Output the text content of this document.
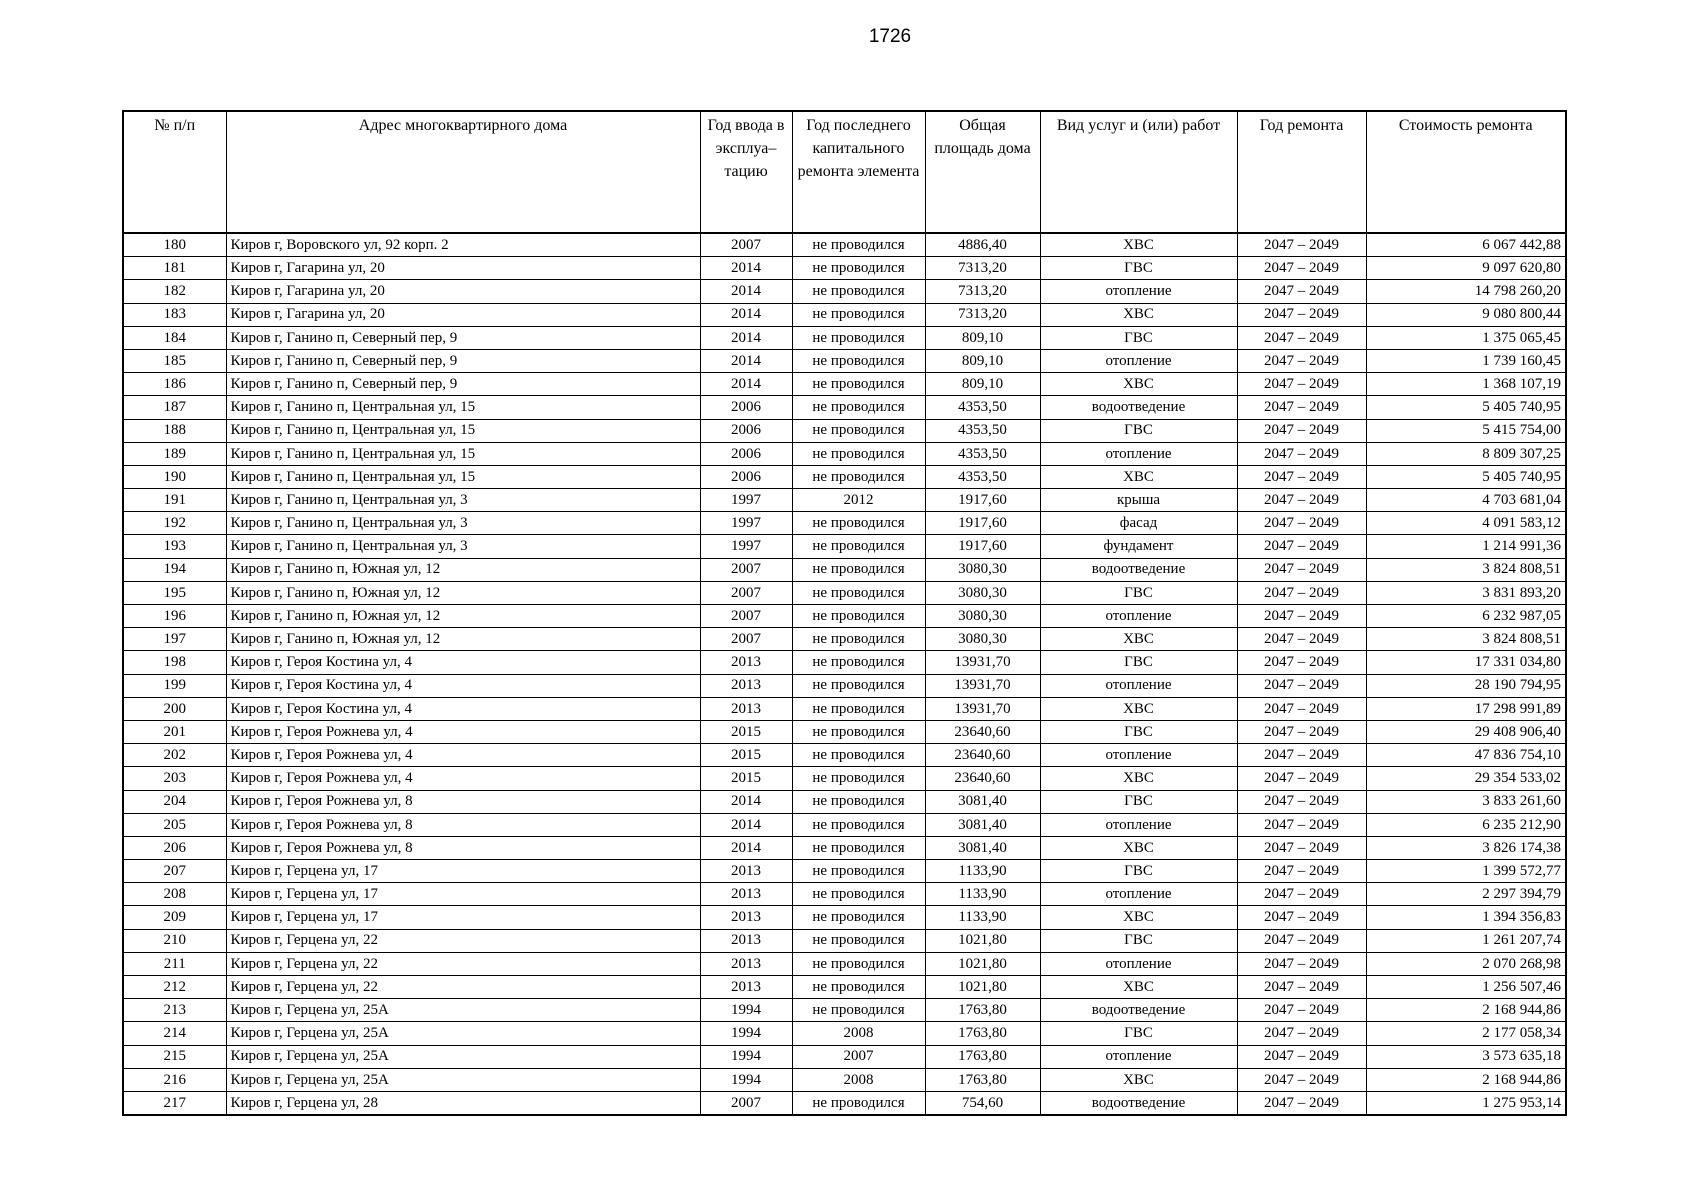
1726
№ п/п	Адрес многоквартирного дома	Год ввода в эксплуа– тацию	Год последнего капитального ремонта элемента	Общая площадь дома	Вид услуг и (или) работ	Год ремонта	Стоимость ремонта
180	Киров г, Воровского ул, 92 корп. 2	2007	не проводился	4886,40	ХВС	2047 – 2049	6 067 442,88
181	Киров г, Гагарина ул, 20	2014	не проводился	7313,20	ГВС	2047 – 2049	9 097 620,80
182	Киров г, Гагарина ул, 20	2014	не проводился	7313,20	отопление	2047 – 2049	14 798 260,20
183	Киров г, Гагарина ул, 20	2014	не проводился	7313,20	ХВС	2047 – 2049	9 080 800,44
184	Киров г, Ганино п, Северный пер, 9	2014	не проводился	809,10	ГВС	2047 – 2049	1 375 065,45
185	Киров г, Ганино п, Северный пер, 9	2014	не проводился	809,10	отопление	2047 – 2049	1 739 160,45
186	Киров г, Ганино п, Северный пер, 9	2014	не проводился	809,10	ХВС	2047 – 2049	1 368 107,19
187	Киров г, Ганино п, Центральная ул, 15	2006	не проводился	4353,50	водоотведение	2047 – 2049	5 405 740,95
188	Киров г, Ганино п, Центральная ул, 15	2006	не проводился	4353,50	ГВС	2047 – 2049	5 415 754,00
189	Киров г, Ганино п, Центральная ул, 15	2006	не проводился	4353,50	отопление	2047 – 2049	8 809 307,25
190	Киров г, Ганино п, Центральная ул, 15	2006	не проводился	4353,50	ХВС	2047 – 2049	5 405 740,95
191	Киров г, Ганино п, Центральная ул, 3	1997	2012	1917,60	крыша	2047 – 2049	4 703 681,04
192	Киров г, Ганино п, Центральная ул, 3	1997	не проводился	1917,60	фасад	2047 – 2049	4 091 583,12
193	Киров г, Ганино п, Центральная ул, 3	1997	не проводился	1917,60	фундамент	2047 – 2049	1 214 991,36
194	Киров г, Ганино п, Южная ул, 12	2007	не проводился	3080,30	водоотведение	2047 – 2049	3 824 808,51
195	Киров г, Ганино п, Южная ул, 12	2007	не проводился	3080,30	ГВС	2047 – 2049	3 831 893,20
196	Киров г, Ганино п, Южная ул, 12	2007	не проводился	3080,30	отопление	2047 – 2049	6 232 987,05
197	Киров г, Ганино п, Южная ул, 12	2007	не проводился	3080,30	ХВС	2047 – 2049	3 824 808,51
198	Киров г, Героя Костина ул, 4	2013	не проводился	13931,70	ГВС	2047 – 2049	17 331 034,80
199	Киров г, Героя Костина ул, 4	2013	не проводился	13931,70	отопление	2047 – 2049	28 190 794,95
200	Киров г, Героя Костина ул, 4	2013	не проводился	13931,70	ХВС	2047 – 2049	17 298 991,89
201	Киров г, Героя Рожнева ул, 4	2015	не проводился	23640,60	ГВС	2047 – 2049	29 408 906,40
202	Киров г, Героя Рожнева ул, 4	2015	не проводился	23640,60	отопление	2047 – 2049	47 836 754,10
203	Киров г, Героя Рожнева ул, 4	2015	не проводился	23640,60	ХВС	2047 – 2049	29 354 533,02
204	Киров г, Героя Рожнева ул, 8	2014	не проводился	3081,40	ГВС	2047 – 2049	3 833 261,60
205	Киров г, Героя Рожнева ул, 8	2014	не проводился	3081,40	отопление	2047 – 2049	6 235 212,90
206	Киров г, Героя Рожнева ул, 8	2014	не проводился	3081,40	ХВС	2047 – 2049	3 826 174,38
207	Киров г, Герцена ул, 17	2013	не проводился	1133,90	ГВС	2047 – 2049	1 399 572,77
208	Киров г, Герцена ул, 17	2013	не проводился	1133,90	отопление	2047 – 2049	2 297 394,79
209	Киров г, Герцена ул, 17	2013	не проводился	1133,90	ХВС	2047 – 2049	1 394 356,83
210	Киров г, Герцена ул, 22	2013	не проводился	1021,80	ГВС	2047 – 2049	1 261 207,74
211	Киров г, Герцена ул, 22	2013	не проводился	1021,80	отопление	2047 – 2049	2 070 268,98
212	Киров г, Герцена ул, 22	2013	не проводился	1021,80	ХВС	2047 – 2049	1 256 507,46
213	Киров г, Герцена ул, 25А	1994	не проводился	1763,80	водоотведение	2047 – 2049	2 168 944,86
214	Киров г, Герцена ул, 25А	1994	2008	1763,80	ГВС	2047 – 2049	2 177 058,34
215	Киров г, Герцена ул, 25А	1994	2007	1763,80	отопление	2047 – 2049	3 573 635,18
216	Киров г, Герцена ул, 25А	1994	2008	1763,80	ХВС	2047 – 2049	2 168 944,86
217	Киров г, Герцена ул, 28	2007	не проводился	754,60	водоотведение	2047 – 2049	1 275 953,14
